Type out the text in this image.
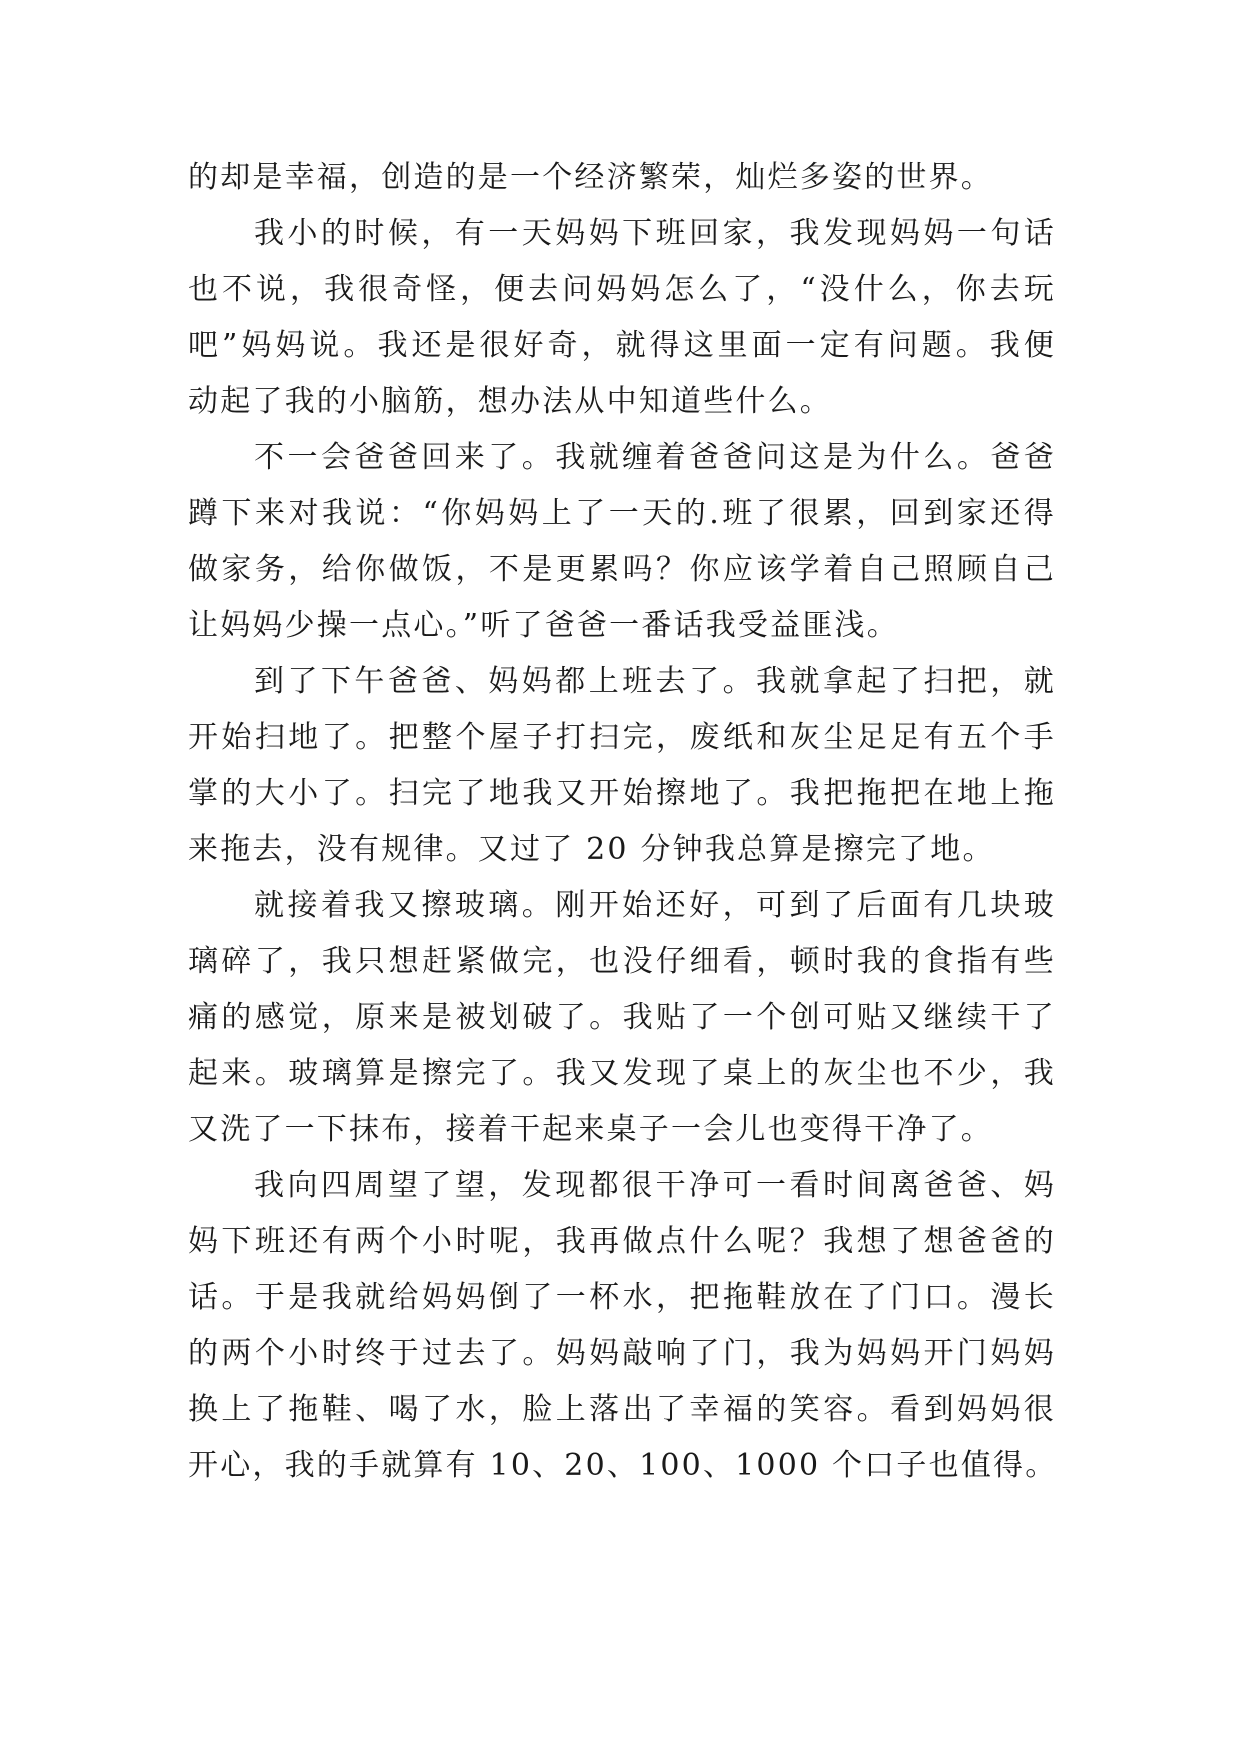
的却是幸福，创造的是一个经济繁荣，灿烂多姿的世界。
我小的时候，有一天妈妈下班回家，我发现妈妈一句话
也不说，我很奇怪，便去问妈妈怎么了，“没什么，你去玩
吧”妈妈说。我还是很好奇，就得这里面一定有问题。我便
动起了我的小脑筋，想办法从中知道些什么。
不一会爸爸回来了。我就缠着爸爸问这是为什么。爸爸
蹲下来对我说：“你妈妈上了一天的.班了很累，回到家还得
做家务，给你做饭，不是更累吗？你应该学着自己照顾自己
让妈妈少操一点心。”听了爸爸一番话我受益匪浅。
到了下午爸爸、妈妈都上班去了。我就拿起了扫把，就
开始扫地了。把整个屋子打扫完，废纸和灰尘足足有五个手
掌的大小了。扫完了地我又开始擦地了。我把拖把在地上拖
来拖去，没有规律。又过了 20 分钟我总算是擦完了地。
就接着我又擦玻璃。刚开始还好，可到了后面有几块玻
璃碎了，我只想赶紧做完，也没仔细看，顿时我的食指有些
痛的感觉，原来是被划破了。我贴了一个创可贴又继续干了
起来。玻璃算是擦完了。我又发现了桌上的灰尘也不少，我
又洗了一下抹布，接着干起来桌子一会儿也变得干净了。
我向四周望了望，发现都很干净可一看时间离爸爸、妈
妈下班还有两个小时呢，我再做点什么呢？我想了想爸爸的
话。于是我就给妈妈倒了一杯水，把拖鞋放在了门口。漫长
的两个小时终于过去了。妈妈敲响了门，我为妈妈开门妈妈
换上了拖鞋、喝了水，脸上落出了幸福的笑容。看到妈妈很
开心，我的手就算有 10、20、100、1000 个口子也值得。
